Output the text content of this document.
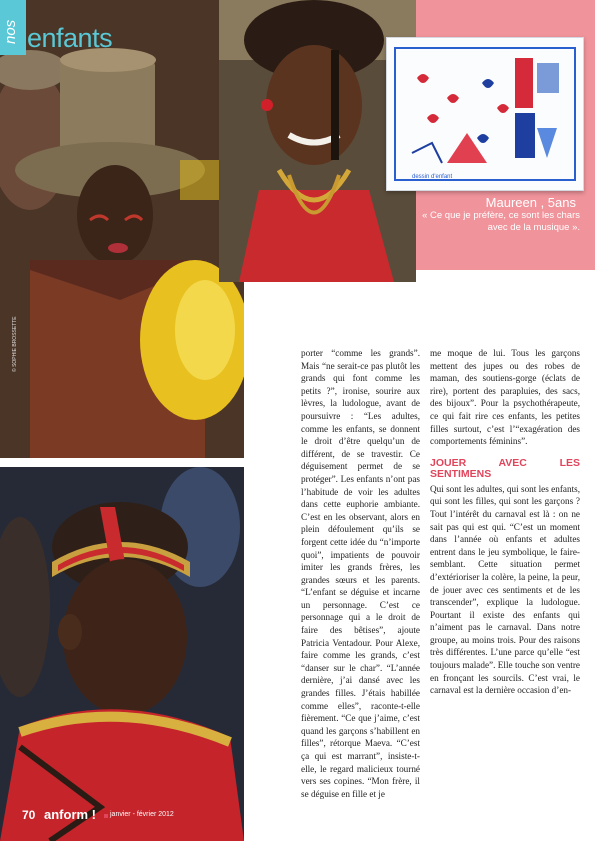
nos enfants
© SOPHIE BROSSETTE
dessin d'enfant
Maureen , 5ans
« Ce que je préfère, ce sont les chars avec de la musique ».
70 anform ! janvier - février 2012

porter “comme les grands”. Mais “ne serait-ce pas plutôt les grands qui font comme les petits ?”, ironise, sourire aux lèvres, la ludologue, avant de poursuivre : “Les adultes, comme les enfants, se donnent le droit d’être quelqu’un de différent, de se travestir. Ce déguisement permet de se protéger”. Les enfants n’ont pas l’habitude de voir les adultes dans cette euphorie ambiante. C’est en les observant, alors en plein défoulement qu’ils se forgent cette idée du “n’importe quoi”, impatients de pouvoir imiter les grands frères, les grandes sœurs et les parents. “L’enfant se déguise et incarne un personnage. C’est ce personnage qui a le droit de faire des bêtises”, ajoute Patricia Ventadour. Pour Alexe, faire comme les grands, c’est “danser sur le char”. “L’année dernière, j’ai dansé avec les grandes filles. J’étais habillée comme elles”, raconte-t-elle fièrement. “Ce que j’aime, c’est quand les garçons s’habillent en filles”, rétorque Maeva. “C’est ça qui est marrant”, insiste-t-elle, le regard malicieux tourné vers ses copines. “Mon frère, il se déguise en fille et je

me moque de lui. Tous les garçons mettent des jupes ou des robes de maman, des soutiens-gorge (éclats de rire), portent des parapluies, des sacs, des bijoux”. Pour la psychothérapeute, ce qui fait rire ces enfants, les petites filles surtout, c’est l’“exagération des comportements féminins”.

JOUER AVEC LES SENTIMENS

Qui sont les adultes, qui sont les enfants, qui sont les filles, qui sont les garçons ? Tout l’intérêt du carnaval est là : on ne sait pas qui est qui. “C’est un moment dans l’année où enfants et adultes entrent dans le jeu symbolique, le faire-semblant. Cette situation permet d’extérioriser la colère, la peine, la peur, de jouer avec ces sentiments et de les transcender”, explique la ludologue. Pourtant il existe des enfants qui n’aiment pas le carnaval. Dans notre groupe, au moins trois. Pour des raisons très différentes. L’une parce qu’elle “est toujours malade”. Elle touche son ventre en fronçant les sourcils. C’est vrai, le carnaval est la dernière occasion d’en-
